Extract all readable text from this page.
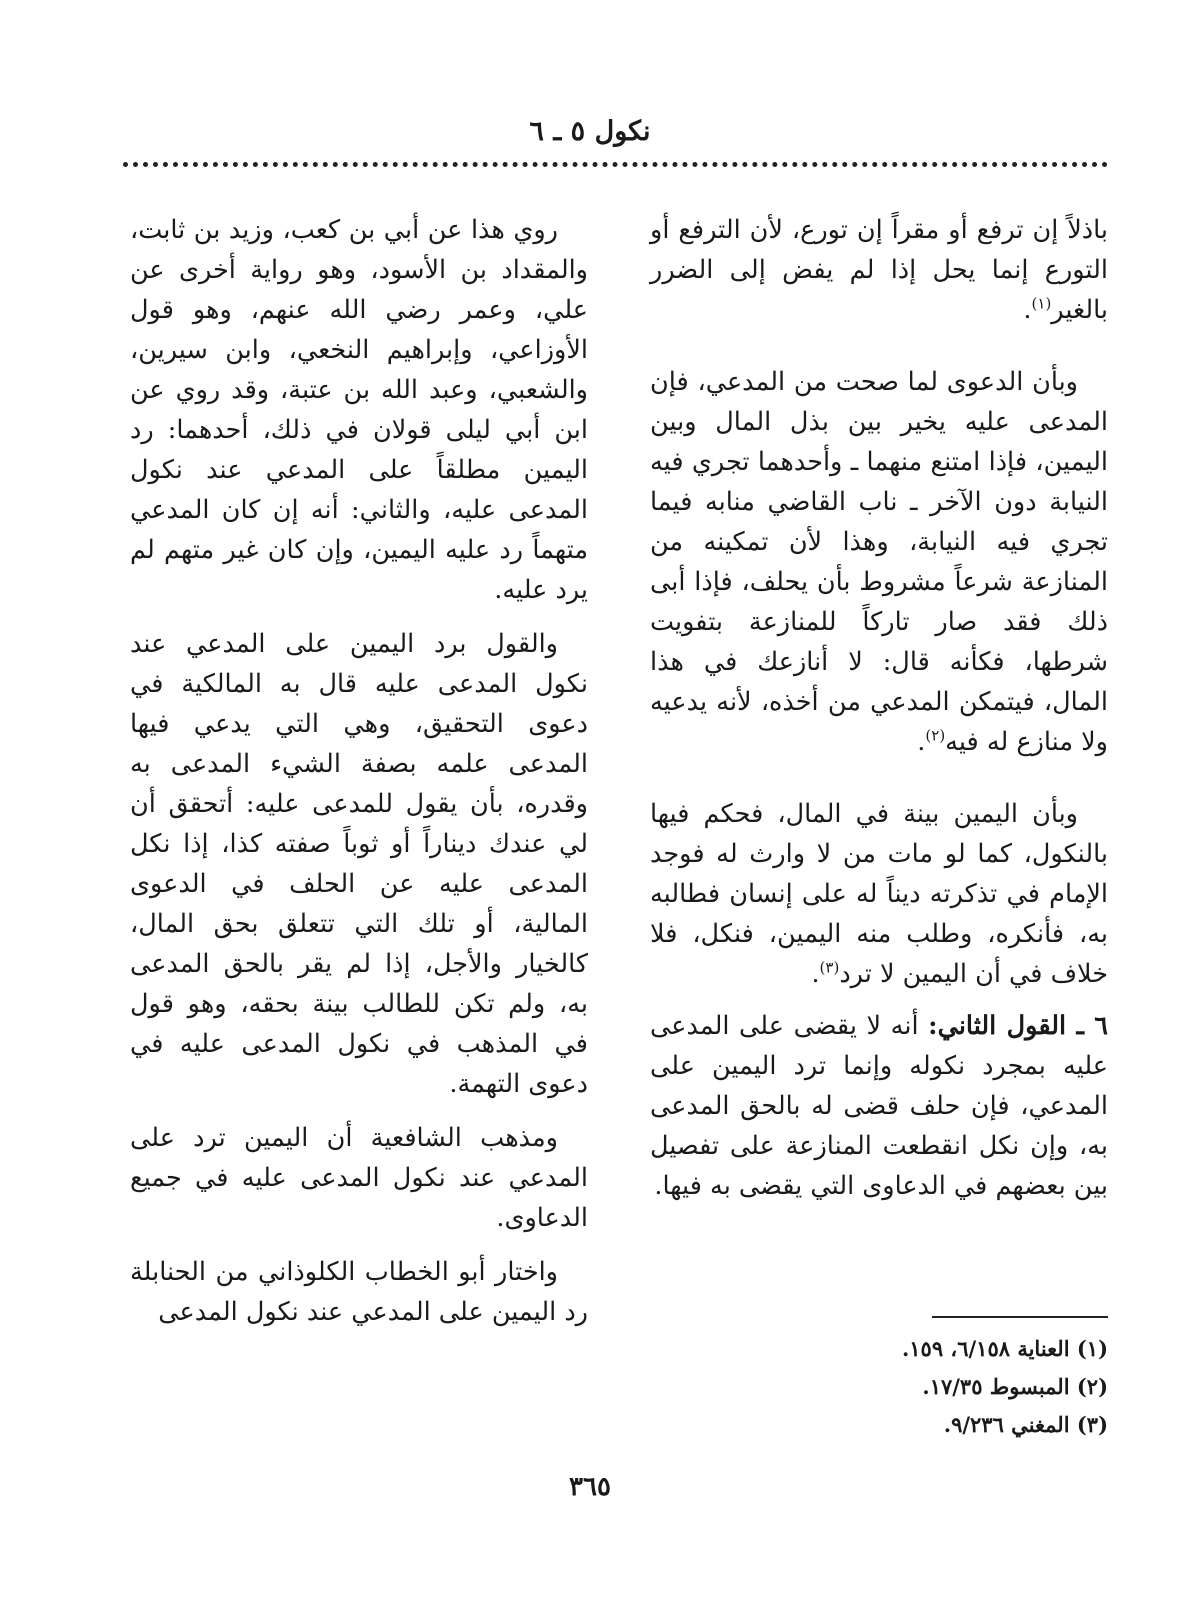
نكول ٥ ـ ٦

باذلاً إن ترفع أو مقراً إن تورع، لأن الترفع أو التورع إنما يحل إذا لم يفض إلى الضرر بالغير$^{(١)}$.

وبأن الدعوى لما صحت من المدعي، فإن المدعى عليه يخير بين بذل المال وبين اليمين، فإذا امتنع منهما ـ وأحدهما تجري فيه النيابة دون الآخر ـ ناب القاضي منابه فيما تجري فيه النيابة، وهذا لأن تمكينه من المنازعة شرعاً مشروط بأن يحلف، فإذا أبى ذلك فقد صار تاركاً للمنازعة بتفويت شرطها، فكأنه قال: لا أنازعك في هذا المال، فيتمكن المدعي من أخذه، لأنه يدعيه ولا منازع له فيه$^{(٢)}$.

وبأن اليمين بينة في المال، فحكم فيها بالنكول، كما لو مات من لا وارث له فوجد الإمام في تذكرته ديناً له على إنسان فطالبه به، فأنكره، وطلب منه اليمين، فنكل، فلا خلاف في أن اليمين لا ترد$^{(٣)}$.

٦ ـ القول الثاني: أنه لا يقضى على المدعى عليه بمجرد نكوله وإنما ترد اليمين على المدعي، فإن حلف قضى له بالحق المدعى به، وإن نكل انقطعت المنازعة على تفصيل بين بعضهم في الدعاوى التي يقضى به فيها.

روي هذا عن أبي بن كعب، وزيد بن ثابت، والمقداد بن الأسود، وهو رواية أخرى عن علي، وعمر رضي الله عنهم، وهو قول الأوزاعي، وإبراهيم النخعي، وابن سيرين، والشعبي، وعبد الله بن عتبة، وقد روي عن ابن أبي ليلى قولان في ذلك، أحدهما: رد اليمين مطلقاً على المدعي عند نكول المدعى عليه، والثاني: أنه إن كان المدعي متهماً رد عليه اليمين، وإن كان غير متهم لم يرد عليه.

والقول برد اليمين على المدعي عند نكول المدعى عليه قال به المالكية في دعوى التحقيق، وهي التي يدعي فيها المدعى علمه بصفة الشيء المدعى به وقدره، بأن يقول للمدعى عليه: أتحقق أن لي عندك ديناراً أو ثوباً صفته كذا، إذا نكل المدعى عليه عن الحلف في الدعوى المالية، أو تلك التي تتعلق بحق المال، كالخيار والأجل، إذا لم يقر بالحق المدعى به، ولم تكن للطالب بينة بحقه، وهو قول في المذهب في نكول المدعى عليه في دعوى التهمة.

ومذهب الشافعية أن اليمين ترد على المدعي عند نكول المدعى عليه في جميع الدعاوى.

واختار أبو الخطاب الكلوذاني من الحنابلة رد اليمين على المدعي عند نكول المدعى

(١) العناية ٦/١٥٨، ١٥٩.
(٢) المبسوط ١٧/٣٥.
(٣) المغني ٩/٢٣٦.
٣٦٥
